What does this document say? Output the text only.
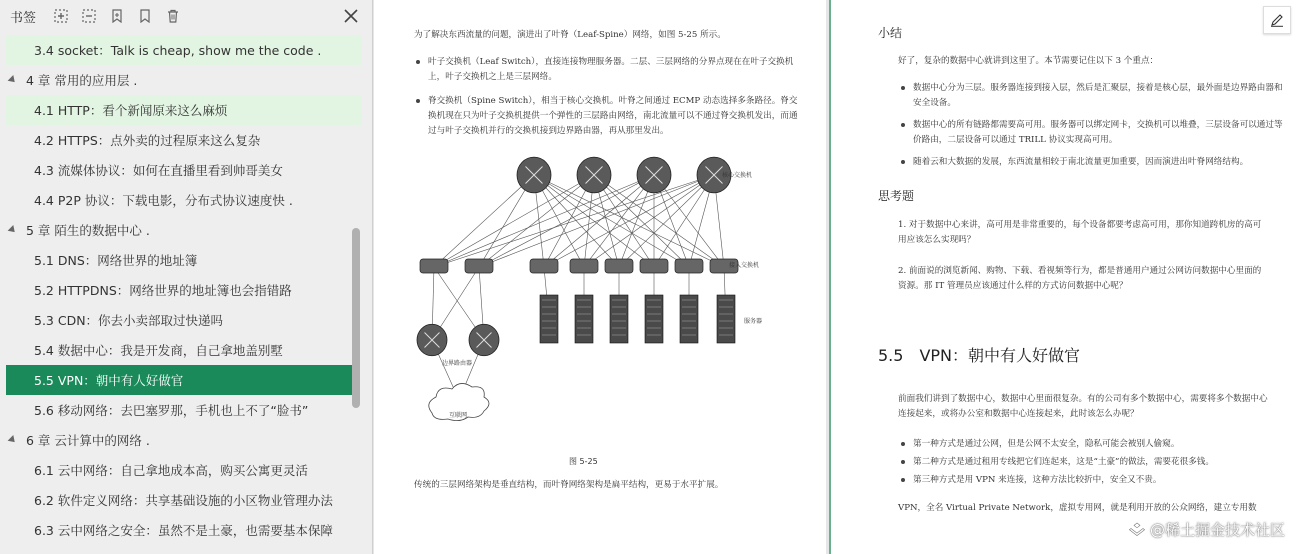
书签
3.4 socket：Talk is cheap, show me the code .
4 章 常用的应用层 .
4.1 HTTP：看个新闻原来这么麻烦
4.2 HTTPS：点外卖的过程原来这么复杂
4.3 流媒体协议：如何在直播里看到帅哥美女
4.4 P2P 协议：下载电影，分布式协议速度快 .
5 章 陌生的数据中心 .
5.1 DNS：网络世界的地址簿
5.2 HTTPDNS：网络世界的地址簿也会指错路
5.3 CDN：你去小卖部取过快递吗
5.4 数据中心：我是开发商，自己拿地盖别墅
5.5 VPN：朝中有人好做官
5.6 移动网络：去巴塞罗那，手机也上不了“脸书”
6 章 云计算中的网络 .
6.1 云中网络：自己拿地成本高，购买公寓更灵活
6.2 软件定义网络：共享基础设施的小区物业管理办法
6.3 云中网络之安全：虽然不是土豪，也需要基本保障
为了解决东西流量的问题，演进出了叶脊（Leaf-Spine）网络，如图 5-25 所示。
叶子交换机（Leaf Switch），直接连接物理服务器。二层、三层网络的分界点现在在叶子交换机上，叶子交换机之上是三层网络。
脊交换机（Spine Switch），相当于核心交换机。叶脊之间通过 ECMP 动态选择多条路径。脊交换机现在只为叶子交换机提供一个弹性的三层路由网络，南北流量可以不通过脊交换机发出，而通过与叶子交换机并行的交换机接到边界路由器，再从那里发出。
核心交换机
接入交换机
服务器
边界路由器
互联网
图 5-25
传统的三层网络架构是垂直结构，而叶脊网络架构是扁平结构，更易于水平扩展。
小结
好了，复杂的数据中心就讲到这里了。本节需要记住以下 3 个重点：
数据中心分为三层。服务器连接到接入层，然后是汇聚层，接着是核心层，最外面是边界路由器和安全设备。
数据中心的所有链路都需要高可用。服务器可以绑定网卡，交换机可以堆叠，三层设备可以通过等价路由，二层设备可以通过 TRILL 协议实现高可用。
随着云和大数据的发展，东西流量相较于南北流量更加重要，因而演进出叶脊网络结构。
思考题
1. 对于数据中心来讲，高可用是非常重要的，每个设备都要考虑高可用，那你知道跨机房的高可用应该怎么实现吗？
2. 前面说的浏览新闻、购物、下载、看视频等行为，都是普通用户通过公网访问数据中心里面的资源。那 IT 管理员应该通过什么样的方式访问数据中心呢？
5.5　VPN：朝中有人好做官
前面我们讲到了数据中心，数据中心里面很复杂。有的公司有多个数据中心，需要将多个数据中心连接起来，或将办公室和数据中心连接起来，此时该怎么办呢？
第一种方式是通过公网，但是公网不太安全，隐私可能会被别人偷窥。
第二种方式是通过租用专线把它们连起来，这是“土豪”的做法，需要花很多钱。
第三种方式是用 VPN 来连接，这种方法比较折中，安全又不贵。
VPN，全名 Virtual Private Network，虚拟专用网，就是利用开放的公众网络，建立专用数
@稀土掘金技术社区
